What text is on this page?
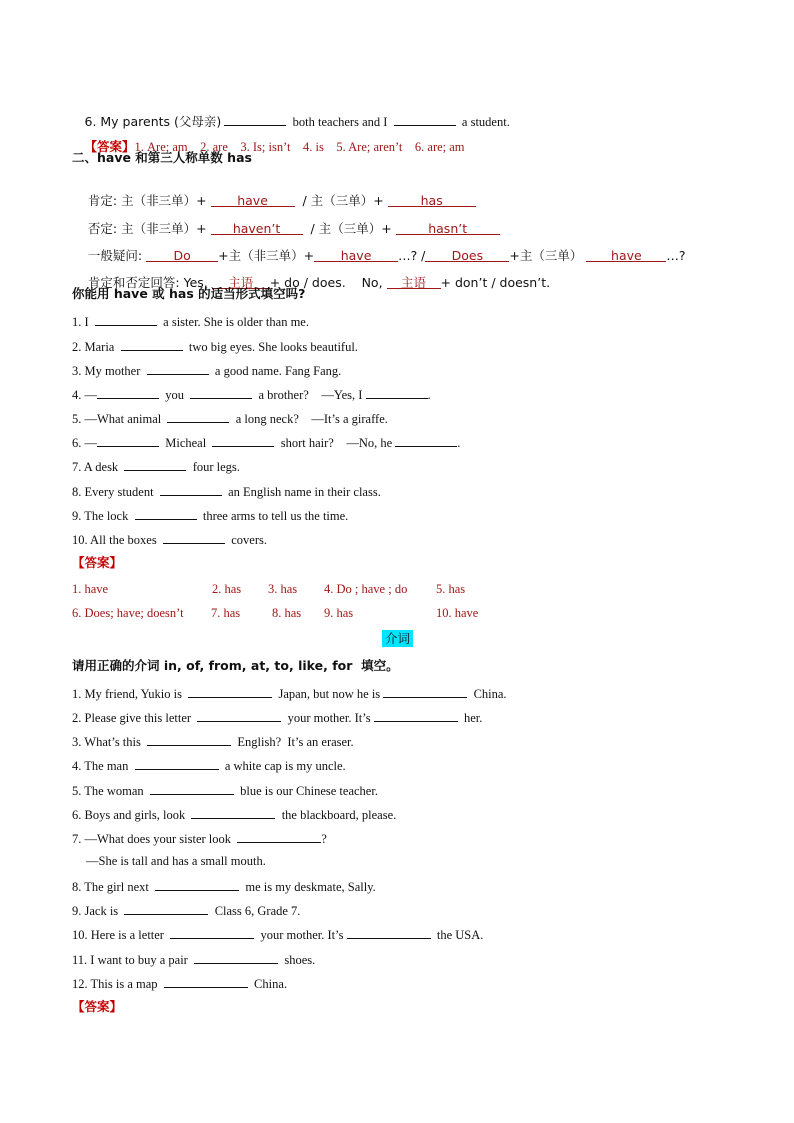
6. My parents (父母亲)	both teachers and I	a student.

【答案】1. Are; am    2. are    3. Is; isn’t    4. is    5. Are; aren’t    6. are; am

二、have 和第三人称单数 has

肯定: 主（非三单）+ have	/ 主（三单）+	has

否定: 主（非三单）+ haven’t / 主（三单）+	hasn’t

一般疑问:	Do +主（非三单）+ have …? / Does +主（三单） have …?

肯定和否定回答: Yes, 主语 + do / does.    No, 主语 + don’t / doesn’t.

你能用 have 或 has 的适当形式填空吗?
1. I	a sister. She is older than me.
2. Maria	two big eyes. She looks beautiful.
3. My mother	a good name. Fang Fang.
4. —	you	a brother?    —Yes, I	.
5. —What animal	a long neck?    —It’s a giraffe.
6. —	Micheal	short hair?    —No, he	.
7. A desk	four legs.
8. Every student	an English name in their class.
9. The lock	three arms to tell us the time.
10. All the boxes	covers.
【答案】
1. have	2. has 3. has 4. Do ; have ; do 5. has
6. Does; have; doesn’t 7. has	8. has 9. has	10. have
介词
请用正确的介词 in, of, from, at, to, like, for  填空。
1. My friend, Yukio is	Japan, but now he is	China.
2. Please give this letter	your mother. It’s	her.
3. What’s this	English?  It’s an eraser.
4. The man	a white cap is my uncle.
5. The woman	blue is our Chinese teacher.
6. Boys and girls, look	the blackboard, please.
7. —What does your sister look	?
—She is tall and has a small mouth.
8. The girl next	me is my deskmate, Sally.
9. Jack is	Class 6, Grade 7.
10. Here is a letter	your mother. It’s	the USA.
11. I want to buy a pair	shoes.
12. This is a map	China.
【答案】
